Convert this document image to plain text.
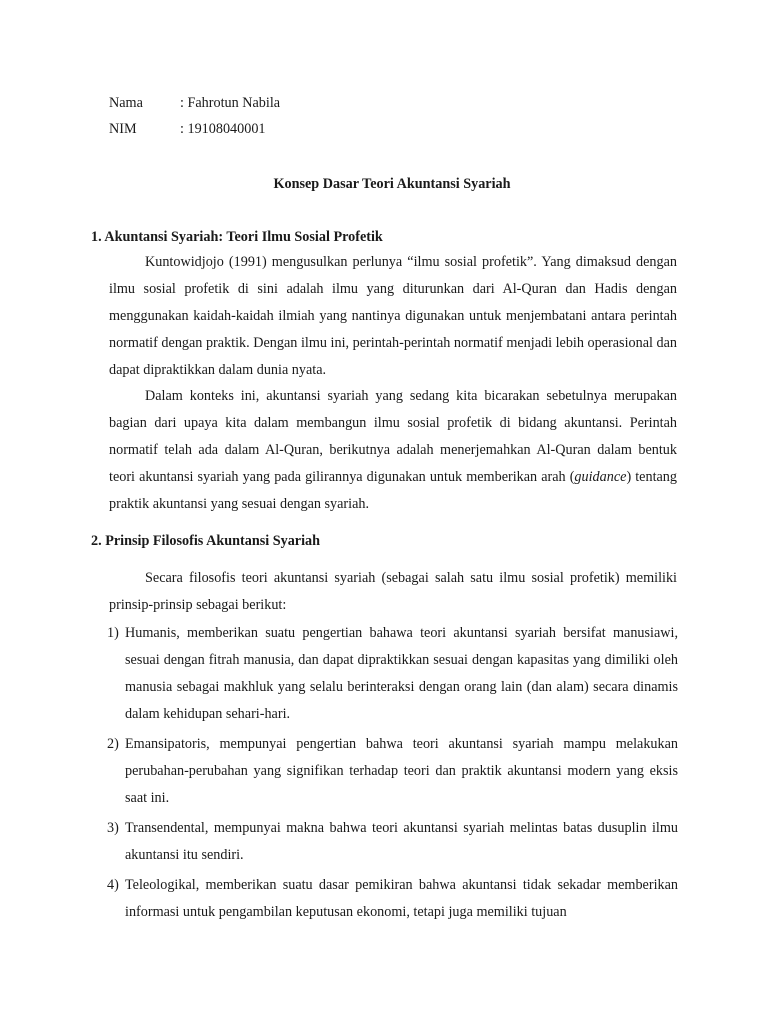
Nama	: Fahrotun Nabila
NIM	: 19108040001
Konsep Dasar Teori Akuntansi Syariah
1. Akuntansi Syariah: Teori Ilmu Sosial Profetik

Kuntowidjojo (1991) mengusulkan perlunya “ilmu sosial profetik”. Yang dimaksud dengan ilmu sosial profetik di sini adalah ilmu yang diturunkan dari Al-Quran dan Hadis dengan menggunakan kaidah-kaidah ilmiah yang nantinya digunakan untuk menjembatani antara perintah normatif dengan praktik. Dengan ilmu ini, perintah-perintah normatif menjadi lebih operasional dan dapat dipraktikkan dalam dunia nyata.

Dalam konteks ini, akuntansi syariah yang sedang kita bicarakan sebetulnya merupakan bagian dari upaya kita dalam membangun ilmu sosial profetik di bidang akuntansi. Perintah normatif telah ada dalam Al-Quran, berikutnya adalah menerjemahkan Al-Quran dalam bentuk teori akuntansi syariah yang pada gilirannya digunakan untuk memberikan arah (guidance) tentang praktik akuntansi yang sesuai dengan syariah.

2. Prinsip Filosofis Akuntansi Syariah

Secara filosofis teori akuntansi syariah (sebagai salah satu ilmu sosial profetik) memiliki prinsip-prinsip sebagai berikut:

1) Humanis, memberikan suatu pengertian bahawa teori akuntansi syariah bersifat manusiawi, sesuai dengan fitrah manusia, dan dapat dipraktikkan sesuai dengan kapasitas yang dimiliki oleh manusia sebagai makhluk yang selalu berinteraksi dengan orang lain (dan alam) secara dinamis dalam kehidupan sehari-hari.
2) Emansipatoris, mempunyai pengertian bahwa teori akuntansi syariah mampu melakukan perubahan-perubahan yang signifikan terhadap teori dan praktik akuntansi modern yang eksis saat ini.
3) Transendental, mempunyai makna bahwa teori akuntansi syariah melintas batas dusuplin ilmu akuntansi itu sendiri.
4) Teleologikal, memberikan suatu dasar pemikiran bahwa akuntansi tidak sekadar memberikan informasi untuk pengambilan keputusan ekonomi, tetapi juga memiliki tujuan
